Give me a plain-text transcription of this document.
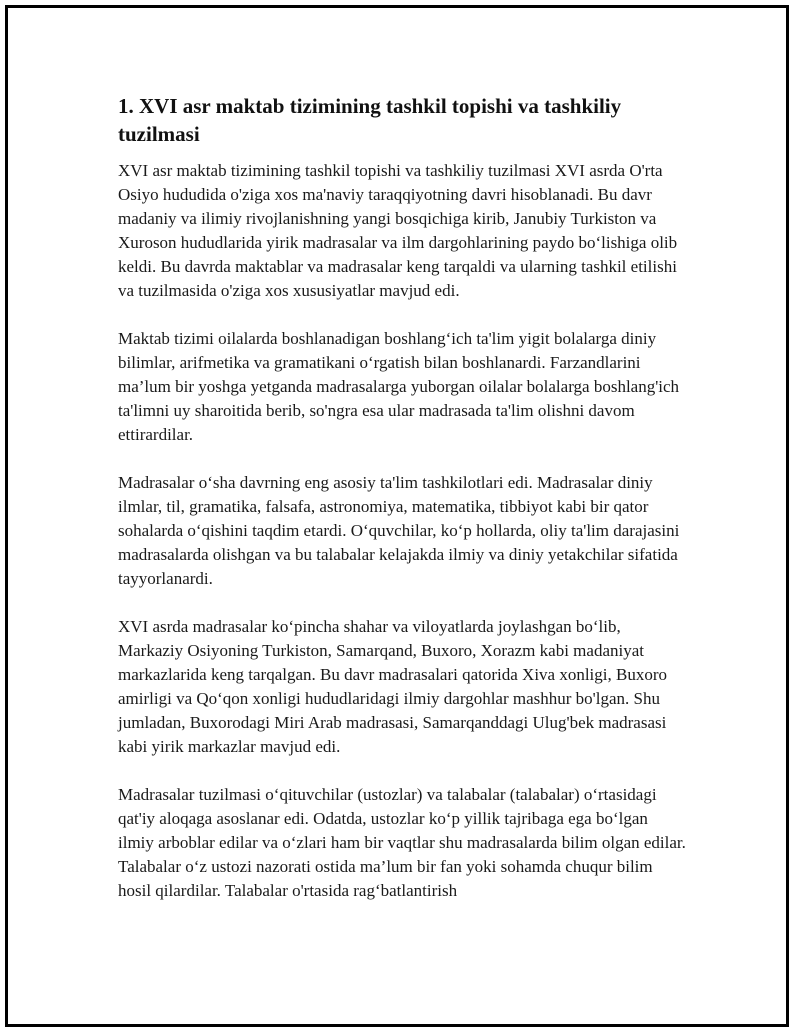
1. XVI asr maktab tizimining tashkil topishi va tashkiliy tuzilmasi

XVI asr maktab tizimining tashkil topishi va tashkiliy tuzilmasi XVI asrda O'rta Osiyo hududida o'ziga xos ma'naviy taraqqiyotning davri hisoblanadi. Bu davr madaniy va ilimiy rivojlanishning yangi bosqichiga kirib, Janubiy Turkiston va Xuroson hududlarida yirik madrasalar va ilm dargohlarining paydo bo‘lishiga olib keldi. Bu davrda maktablar va madrasalar keng tarqaldi va ularning tashkil etilishi va tuzilmasida o'ziga xos xususiyatlar mavjud edi.

Maktab tizimi oilalarda boshlanadigan boshlang‘ich ta'lim yigit bolalarga diniy bilimlar, arifmetika va gramatikani o‘rgatish bilan boshlanardi. Farzandlarini ma’lum bir yoshga yetganda madrasalarga yuborgan oilalar bolalarga boshlang'ich ta'limni uy sharoitida berib, so'ngra esa ular madrasada ta'lim olishni davom ettirardilar.

Madrasalar o‘sha davrning eng asosiy ta'lim tashkilotlari edi. Madrasalar diniy ilmlar, til, gramatika, falsafa, astronomiya, matematika, tibbiyot kabi bir qator sohalarda o‘qishini taqdim etardi. O‘quvchilar, ko‘p hollarda, oliy ta'lim darajasini madrasalarda olishgan va bu talabalar kelajakda ilmiy va diniy yetakchilar sifatida tayyorlanardi.

XVI asrda madrasalar ko‘pincha shahar va viloyatlarda joylashgan bo‘lib, Markaziy Osiyoning Turkiston, Samarqand, Buxoro, Xorazm kabi madaniyat markazlarida keng tarqalgan. Bu davr madrasalari qatorida Xiva xonligi, Buxoro amirligi va Qo‘qon xonligi hududlaridagi ilmiy dargohlar mashhur bo'lgan. Shu jumladan, Buxorodagi Miri Arab madrasasi, Samarqanddagi Ulug'bek madrasasi kabi yirik markazlar mavjud edi.

Madrasalar tuzilmasi o‘qituvchilar (ustozlar) va talabalar (talabalar) o‘rtasidagi qat'iy aloqaga asoslanar edi. Odatda, ustozlar ko‘p yillik tajribaga ega bo‘lgan ilmiy arboblar edilar va o‘zlari ham bir vaqtlar shu madrasalarda bilim olgan edilar. Talabalar o‘z ustozi nazorati ostida ma’lum bir fan yoki sohamda chuqur bilim hosil qilardilar. Talabalar o'rtasida rag‘batlantirish
